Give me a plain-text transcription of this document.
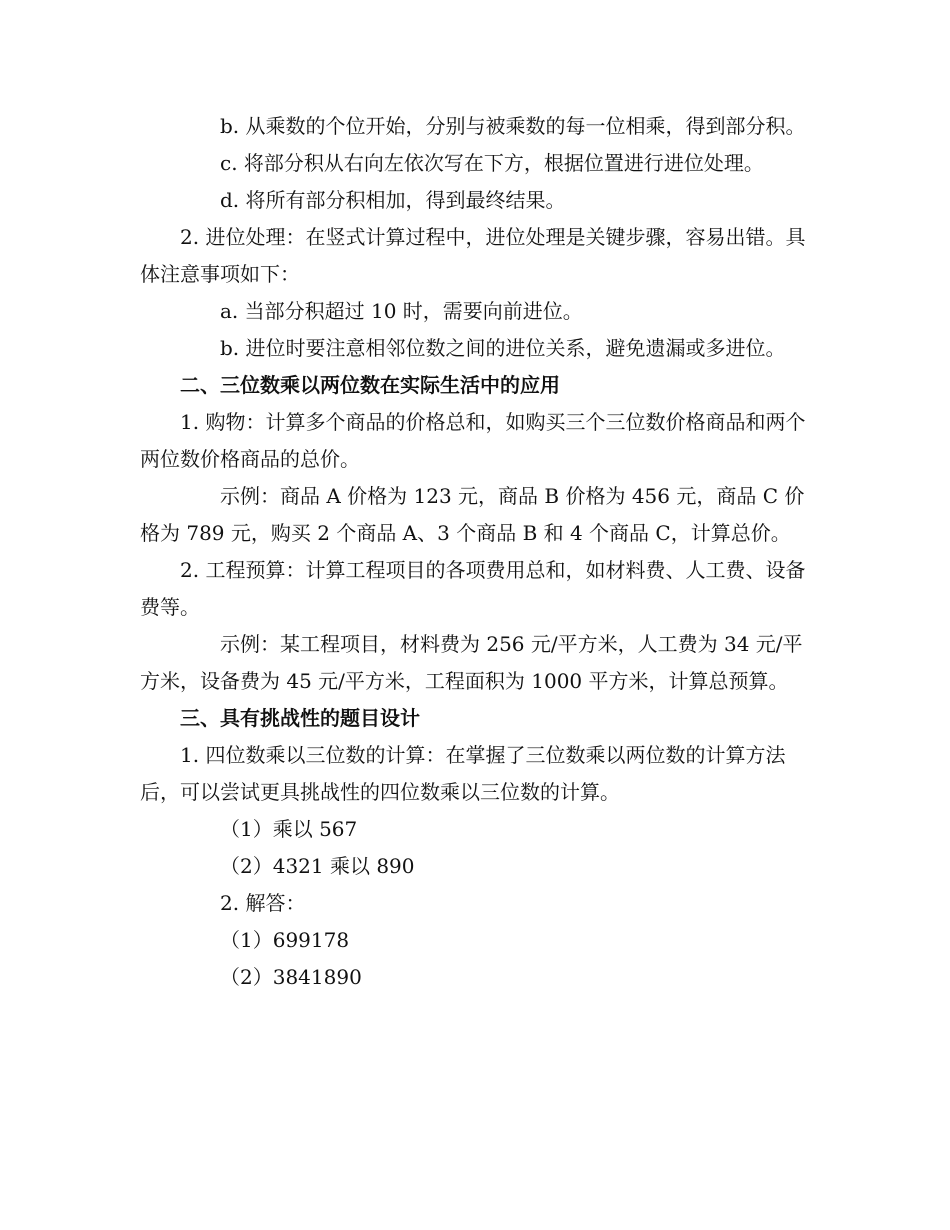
b. 从乘数的个位开始，分别与被乘数的每一位相乘，得到部分积。

c. 将部分积从右向左依次写在下方，根据位置进行进位处理。

d. 将所有部分积相加，得到最终结果。

2. 进位处理：在竖式计算过程中，进位处理是关键步骤，容易出错。具体注意事项如下：

a. 当部分积超过 10 时，需要向前进位。

b. 进位时要注意相邻位数之间的进位关系，避免遗漏或多进位。

二、三位数乘以两位数在实际生活中的应用

1. 购物：计算多个商品的价格总和，如购买三个三位数价格商品和两个两位数价格商品的总价。

示例：商品 A 价格为 123 元，商品 B 价格为 456 元，商品 C 价格为 789 元，购买 2 个商品 A、3 个商品 B 和 4 个商品 C，计算总价。

2. 工程预算：计算工程项目的各项费用总和，如材料费、人工费、设备费等。

示例：某工程项目，材料费为 256 元/平方米，人工费为 34 元/平方米，设备费为 45 元/平方米，工程面积为 1000 平方米，计算总预算。

三、具有挑战性的题目设计

1. 四位数乘以三位数的计算：在掌握了三位数乘以两位数的计算方法后，可以尝试更具挑战性的四位数乘以三位数的计算。

（1）乘以 567

（2）4321 乘以 890

2. 解答：

（1）699178

（2）3841890
